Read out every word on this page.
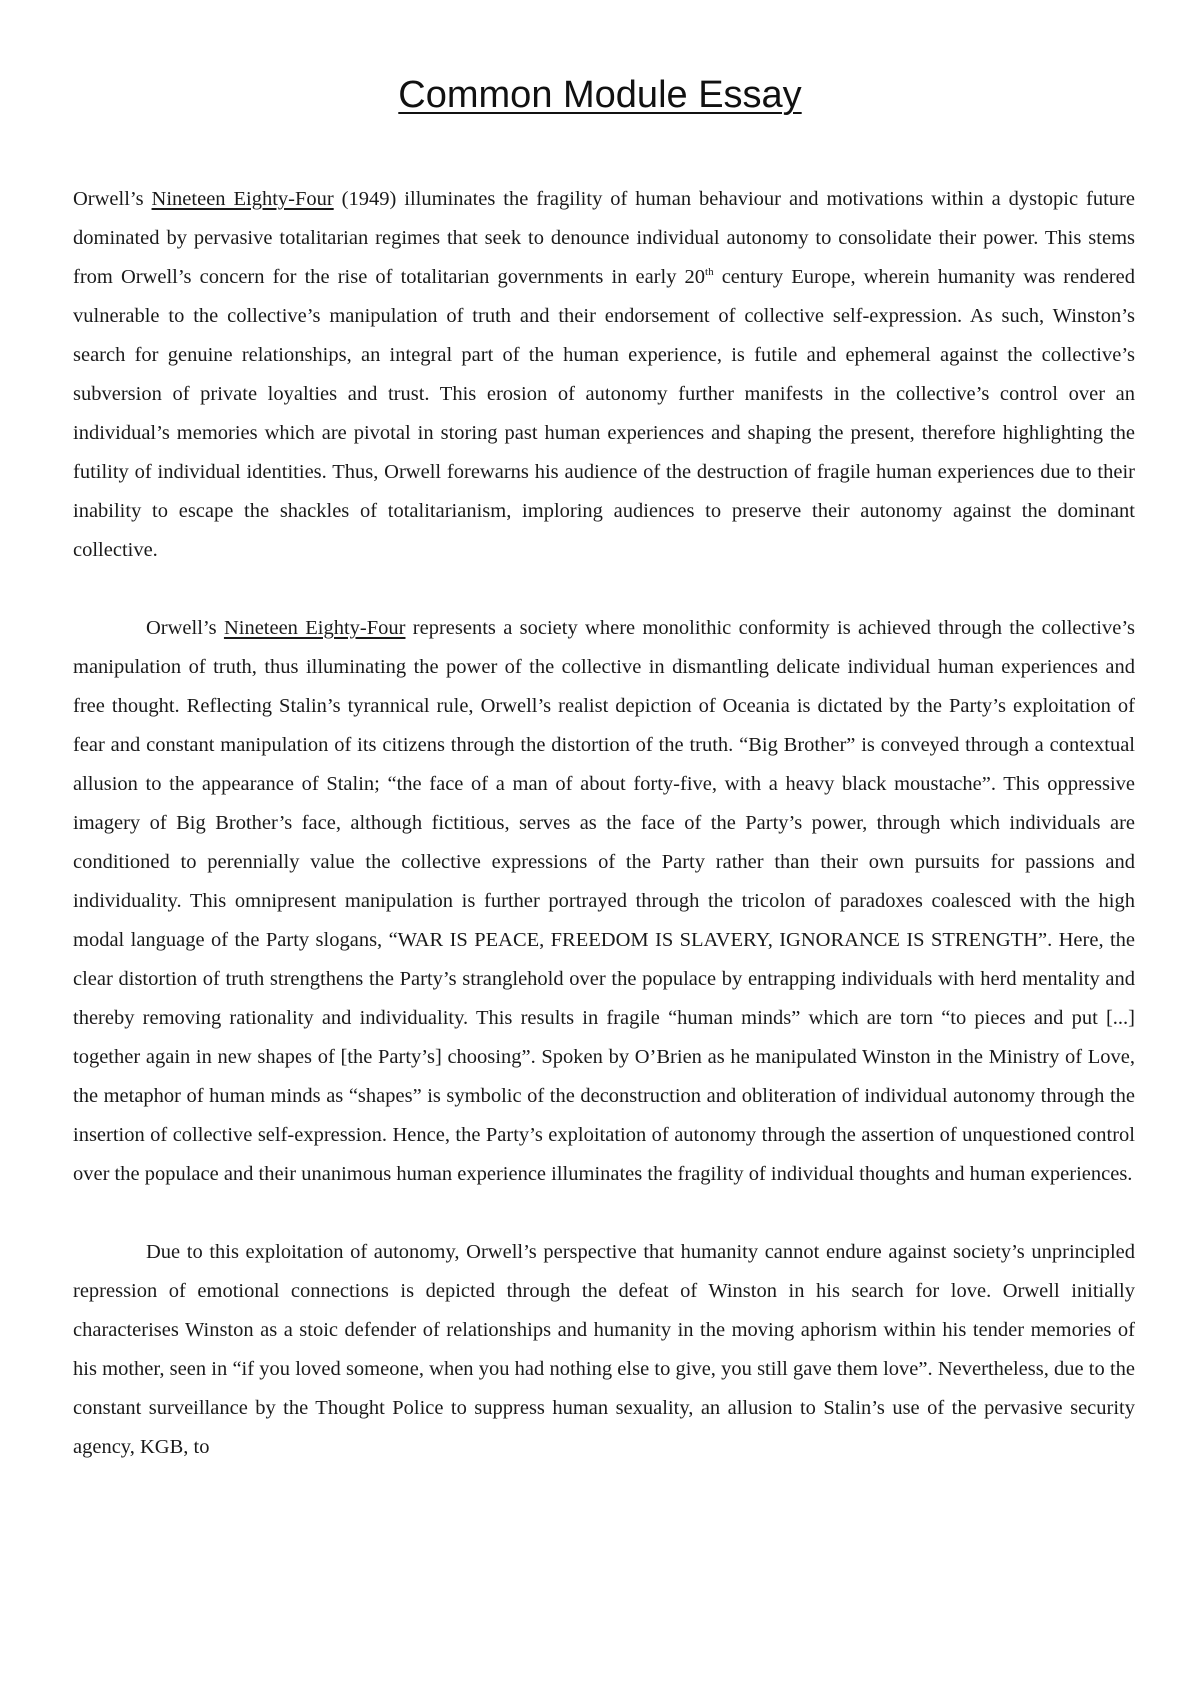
Common Module Essay

Orwell’s Nineteen Eighty-Four (1949) illuminates the fragility of human behaviour and motivations within a dystopic future dominated by pervasive totalitarian regimes that seek to denounce individual autonomy to consolidate their power. This stems from Orwell’s concern for the rise of totalitarian governments in early 20th century Europe, wherein humanity was rendered vulnerable to the collective’s manipulation of truth and their endorsement of collective self-expression. As such, Winston’s search for genuine relationships, an integral part of the human experience, is futile and ephemeral against the collective’s subversion of private loyalties and trust. This erosion of autonomy further manifests in the collective’s control over an individual’s memories which are pivotal in storing past human experiences and shaping the present, therefore highlighting the futility of individual identities. Thus, Orwell forewarns his audience of the destruction of fragile human experiences due to their inability to escape the shackles of totalitarianism, imploring audiences to preserve their autonomy against the dominant collective.

Orwell’s Nineteen Eighty-Four represents a society where monolithic conformity is achieved through the collective’s manipulation of truth, thus illuminating the power of the collective in dismantling delicate individual human experiences and free thought. Reflecting Stalin’s tyrannical rule, Orwell’s realist depiction of Oceania is dictated by the Party’s exploitation of fear and constant manipulation of its citizens through the distortion of the truth. “Big Brother” is conveyed through a contextual allusion to the appearance of Stalin; “the face of a man of about forty-five, with a heavy black moustache”. This oppressive imagery of Big Brother’s face, although fictitious, serves as the face of the Party’s power, through which individuals are conditioned to perennially value the collective expressions of the Party rather than their own pursuits for passions and individuality. This omnipresent manipulation is further portrayed through the tricolon of paradoxes coalesced with the high modal language of the Party slogans, “WAR IS PEACE, FREEDOM IS SLAVERY, IGNORANCE IS STRENGTH”. Here, the clear distortion of truth strengthens the Party’s stranglehold over the populace by entrapping individuals with herd mentality and thereby removing rationality and individuality. This results in fragile “human minds” which are torn “to pieces and put [...] together again in new shapes of [the Party’s] choosing”. Spoken by O’Brien as he manipulated Winston in the Ministry of Love, the metaphor of human minds as “shapes” is symbolic of the deconstruction and obliteration of individual autonomy through the insertion of collective self-expression. Hence, the Party’s exploitation of autonomy through the assertion of unquestioned control over the populace and their unanimous human experience illuminates the fragility of individual thoughts and human experiences.

Due to this exploitation of autonomy, Orwell’s perspective that humanity cannot endure against society’s unprincipled repression of emotional connections is depicted through the defeat of Winston in his search for love. Orwell initially characterises Winston as a stoic defender of relationships and humanity in the moving aphorism within his tender memories of his mother, seen in “if you loved someone, when you had nothing else to give, you still gave them love”. Nevertheless, due to the constant surveillance by the Thought Police to suppress human sexuality, an allusion to Stalin’s use of the pervasive security agency, KGB, to
